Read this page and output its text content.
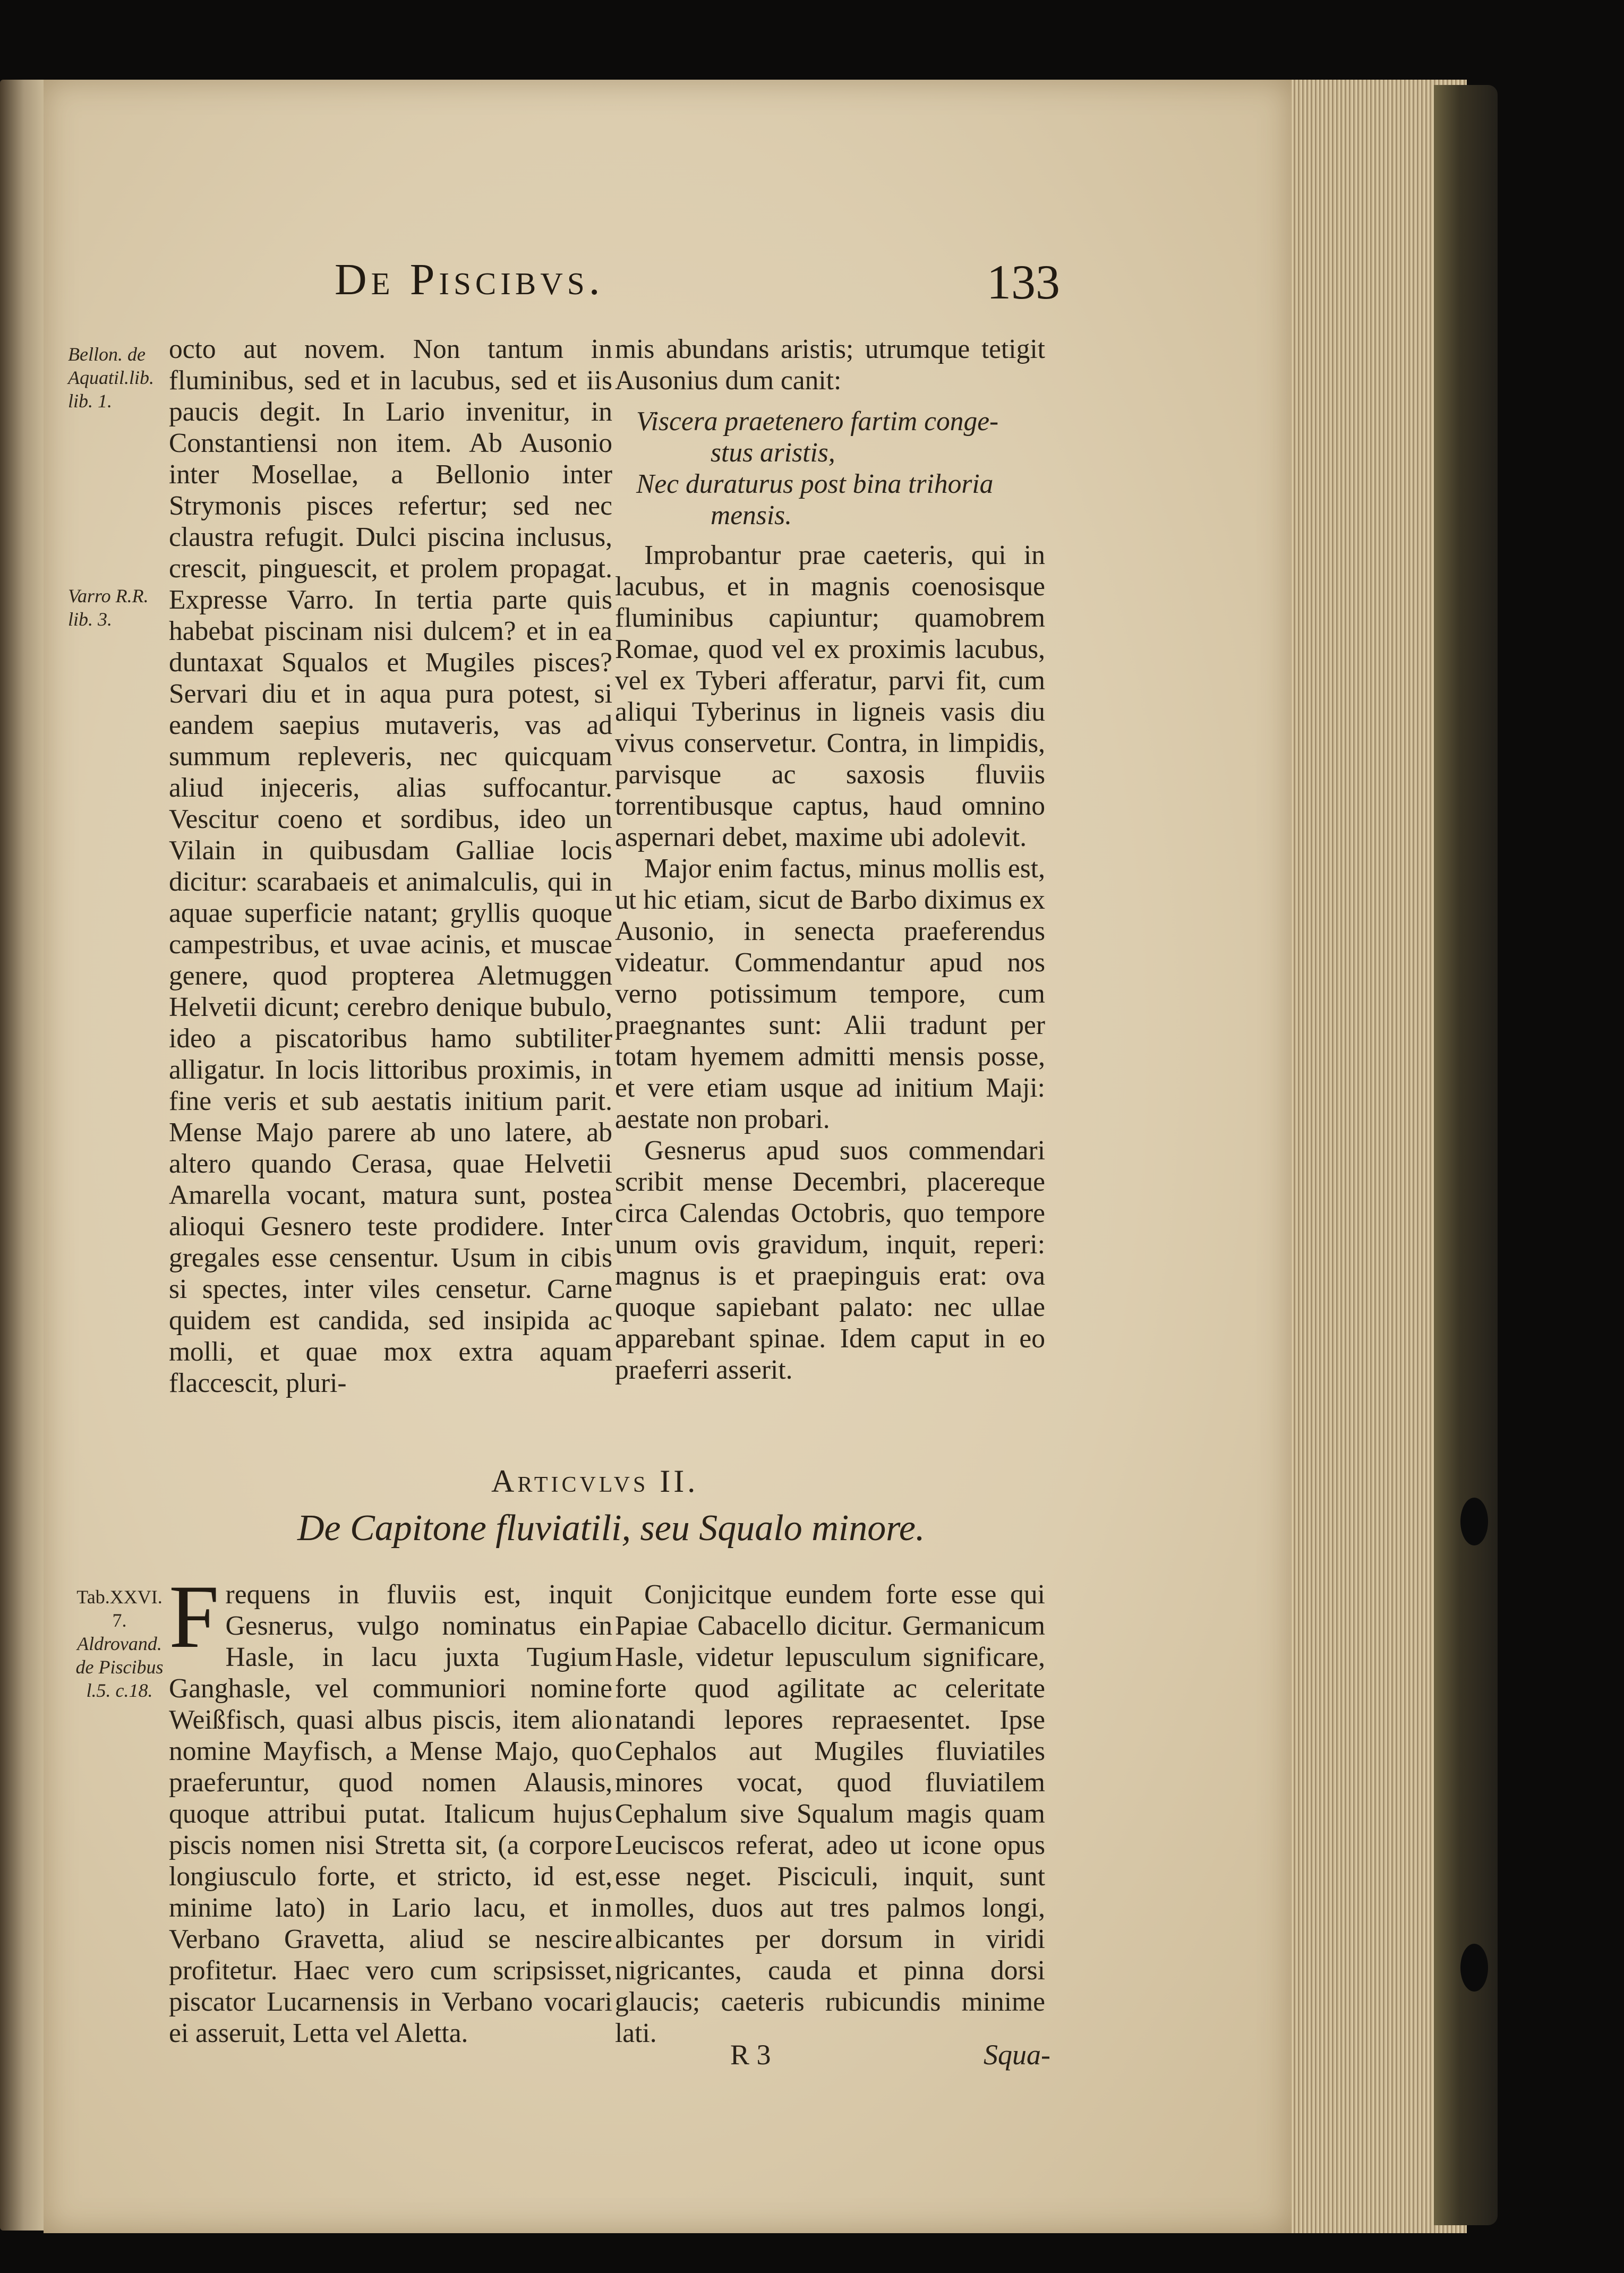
De Piscibvs.	133
Bellon. de
Aquatil.lib.
lib. 1.
Varro R.R.
lib. 3.
Tab.XXVI.
7.
Aldrovand.
de Piscibus
l.5. c.18.

octo aut novem. Non tantum in fluminibus, sed et in lacubus, sed et iis paucis degit. In Lario invenitur, in Constantiensi non item. Ab Ausonio inter Mosellae, a Bellonio inter Strymonis pisces refertur; sed nec claustra refugit. Dulci piscina inclusus, crescit, pinguescit, et prolem propagat. Expresse Varro. In tertia parte quis habebat piscinam nisi dulcem? et in ea duntaxat Squalos et Mugiles pisces? Servari diu et in aqua pura potest, si eandem saepius mutaveris, vas ad summum repleveris, nec quicquam aliud injeceris, alias suffocantur. Vescitur coeno et sordibus, ideo un Vilain in quibusdam Galliae locis dicitur: scarabaeis et animalculis, qui in aquae superficie natant; gryllis quoque campestribus, et uvae acinis, et muscae genere, quod propterea Aletmuggen Helvetii dicunt; cerebro denique bubulo, ideo a piscatoribus hamo subtiliter alligatur. In locis littoribus proximis, in fine veris et sub aestatis initium parit. Mense Majo parere ab uno latere, ab altero quando Cerasa, quae Helvetii Amarella vocant, matura sunt, postea alioqui Gesnero teste prodidere. Inter gregales esse censentur. Usum in cibis si spectes, inter viles censetur. Carne quidem est candida, sed insipida ac molli, et quae mox extra aquam flaccescit, pluri-

mis abundans aristis; utrumque tetigit Ausonius dum canit:

Viscera praetenero fartim conge-
stus aristis,
Nec duraturus post bina trihoria
mensis.

Improbantur prae caeteris, qui in lacubus, et in magnis coenosisque fluminibus capiuntur; quamobrem Romae, quod vel ex proximis lacubus, vel ex Tyberi afferatur, parvi fit, cum aliqui Tyberinus in ligneis vasis diu vivus conservetur. Contra, in limpidis, parvisque ac saxosis fluviis torrentibusque captus, haud omnino aspernari debet, maxime ubi adolevit.

Major enim factus, minus mollis est, ut hic etiam, sicut de Barbo diximus ex Ausonio, in senecta praeferendus videatur. Commendantur apud nos verno potissimum tempore, cum praegnantes sunt: Alii tradunt per totam hyemem admitti mensis posse, et vere etiam usque ad initium Maji: aestate non probari.

Gesnerus apud suos commendari scribit mense Decembri, placereque circa Calendas Octobris, quo tempore unum ovis gravidum, inquit, reperi: magnus is et praepinguis erat: ova quoque sapiebant palato: nec ullae apparebant spinae. Idem caput in eo praeferri asserit.

Articvlvs II.
De Capitone fluviatili, seu Squalo minore.
F requens in fluviis est, inquit Gesnerus, vulgo nominatus ein Hasle, in lacu juxta Tugium Ganghasle, vel communiori nomine Weißfisch, quasi albus piscis, item alio nomine Mayfisch, a Mense Majo, quo praeferuntur, quod nomen Alausis, quoque attribui putat. Italicum hujus piscis nomen nisi Stretta sit, (a corpore longiusculo forte, et stricto, id est, minime lato) in Lario lacu, et in Verbano Gravetta, aliud se nescire profitetur. Haec vero cum scripsisset, piscator Lucarnensis in Verbano vocari ei asseruit, Letta vel Aletta.

Conjicitque eundem forte esse qui Papiae Cabacello dicitur. Germanicum Hasle, videtur lepusculum significare, forte quod agilitate ac celeritate natandi lepores repraesentet. Ipse Cephalos aut Mugiles fluviatiles minores vocat, quod fluviatilem Cephalum sive Squalum magis quam Leuciscos referat, adeo ut icone opus esse neget. Pisciculi, inquit, sunt molles, duos aut tres palmos longi, albicantes per dorsum in viridi nigricantes, cauda et pinna dorsi glaucis; caeteris rubicundis minime lati.

R 3	Squa-
